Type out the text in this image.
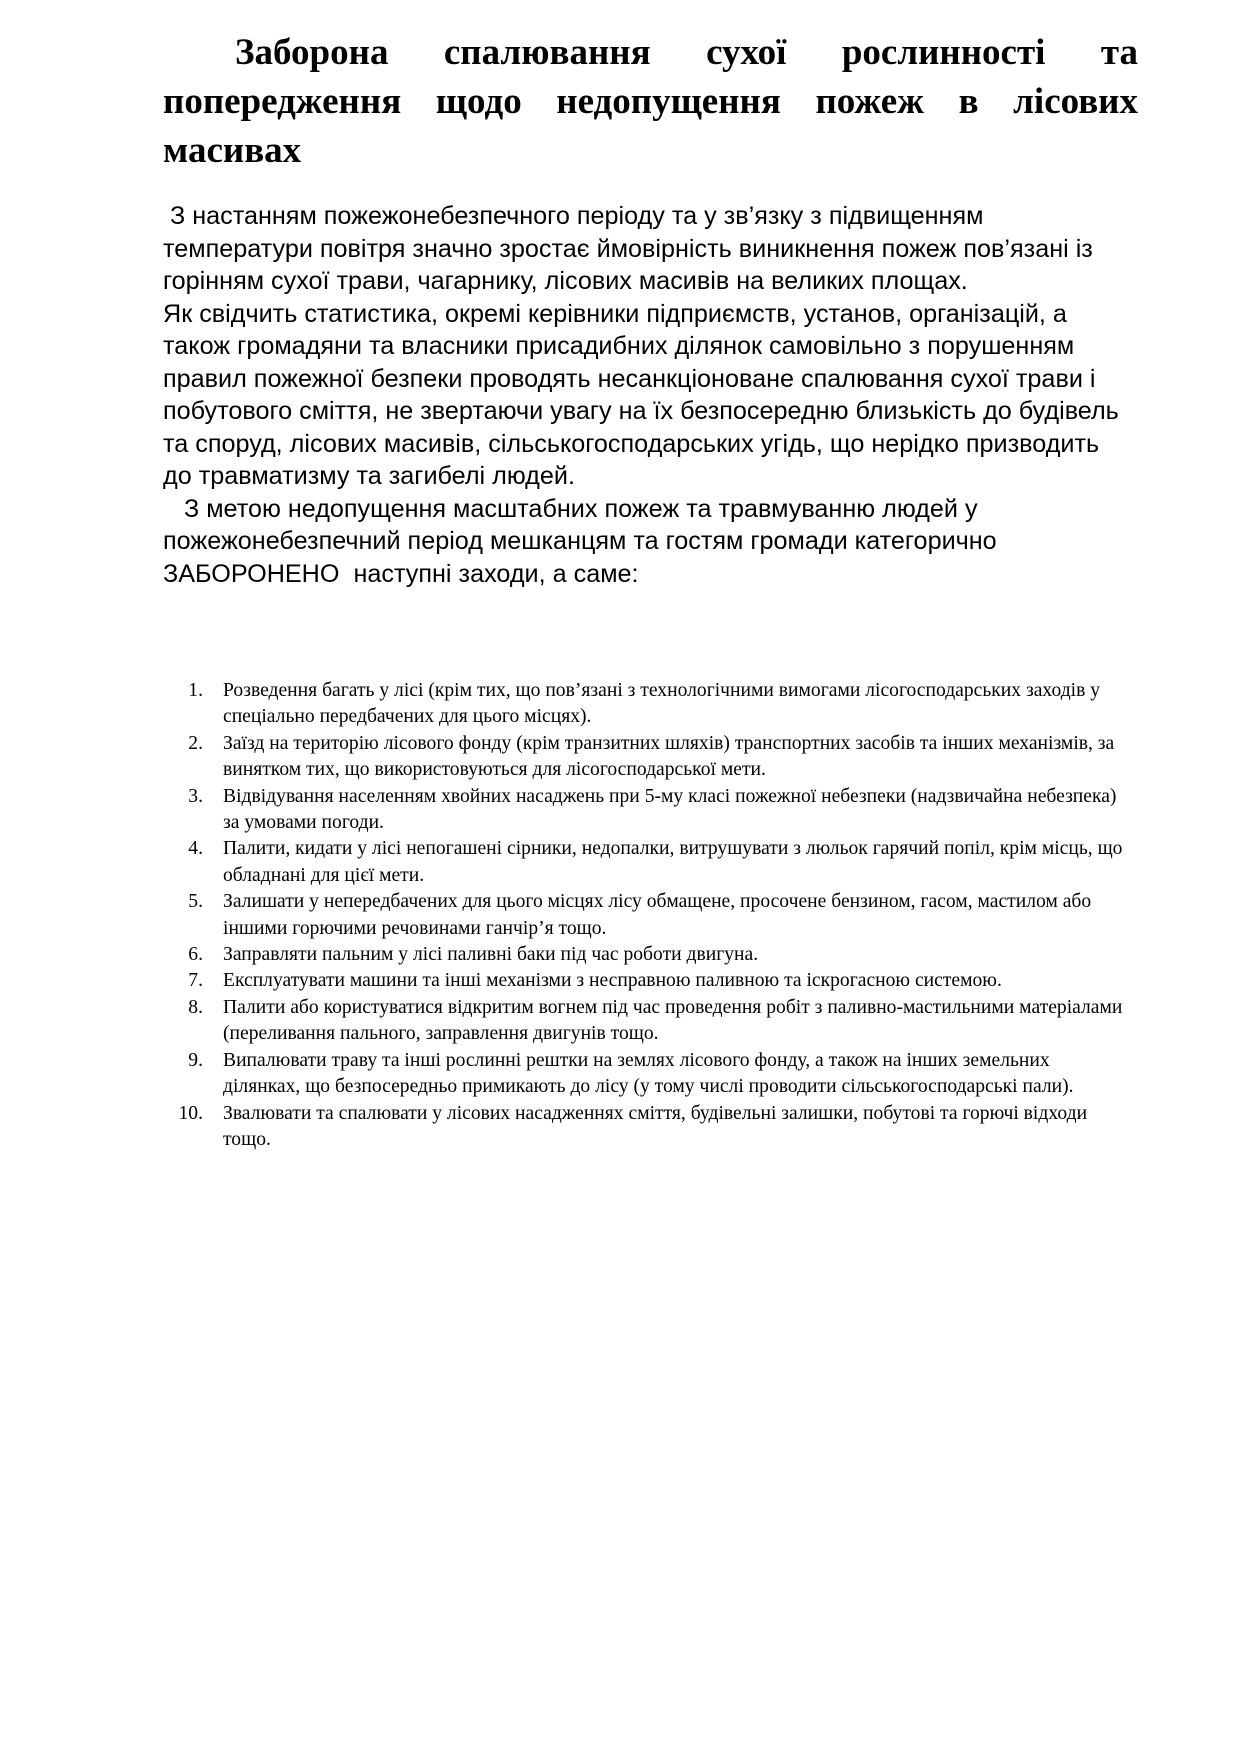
Заборона спалювання сухої рослинності та попередження щодо недопущення пожеж в лісових масивах

З настанням пожежонебезпечного періоду та у зв’язку з підвищенням температури повітря значно зростає ймовірність виникнення пожеж пов’язані із горінням сухої трави, чагарнику, лісових масивів на великих площах.

Як свідчить статистика, окремі керівники підприємств, установ, організацій, а також громадяни та власники присадибних ділянок самовільно з порушенням правил пожежної безпеки проводять несанкціоноване спалювання сухої трави і побутового сміття, не звертаючи увагу на їх безпосередню близькість до будівель та споруд, лісових масивів, сільськогосподарських угідь, що нерідко призводить до травматизму та загибелі людей.

З метою недопущення масштабних пожеж та травмуванню людей у пожежонебезпечний період мешканцям та гостям громади категорично ЗАБОРОНЕНО  наступні заходи, а саме:

1. Розведення багать у лісі (крім тих, що пов’язані з технологічними вимогами лісогосподарських заходів у спеціально передбачених для цього місцях).
2. Заїзд на територію лісового фонду (крім транзитних шляхів) транспортних засобів та інших механізмів, за винятком тих, що використовуються для лісогосподарської мети.
3. Відвідування населенням хвойних насаджень при 5-му класі пожежної небезпеки (надзвичайна небезпека) за умовами погоди.
4. Палити, кидати у лісі непогашені сірники, недопалки, витрушувати з люльок гарячий попіл, крім місць, що обладнані для цієї мети.
5. Залишати у непередбачених для цього місцях лісу обмащене, просочене бензином, гасом, мастилом або іншими горючими речовинами ганчір’я тощо.
6. Заправляти пальним у лісі паливні баки під час роботи двигуна.
7. Експлуатувати машини та інші механізми з несправною паливною та іскрогасною системою.
8. Палити або користуватися відкритим вогнем під час проведення робіт з паливно-мастильними матеріалами (переливання пального, заправлення двигунів тощо.
9. Випалювати траву та інші рослинні рештки на землях лісового фонду, а також на інших земельних ділянках, що безпосередньо примикають до лісу (у тому числі проводити сільськогосподарські пали).
10. Звалювати та спалювати у лісових насадженнях сміття, будівельні залишки, побутові та горючі відходи тощо.
